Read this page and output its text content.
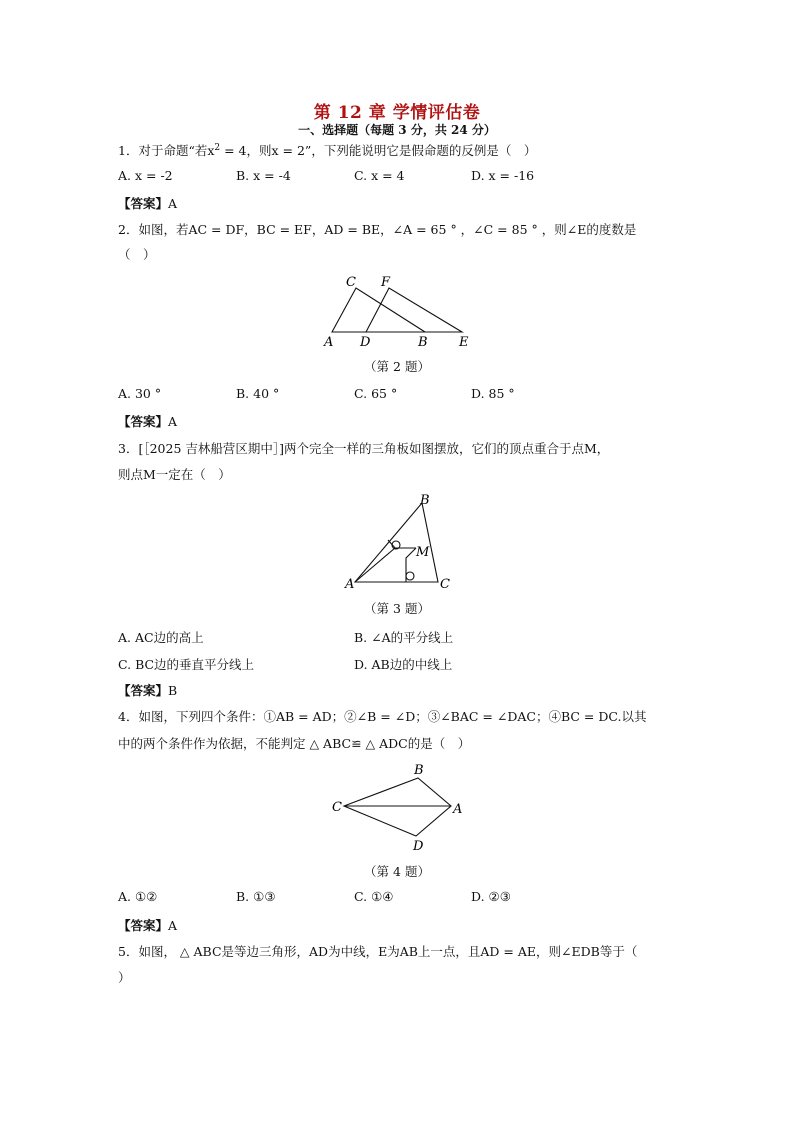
第 12 章 学情评估卷
一、选择题（每题 3 分，共 24 分）
1．对于命题“若$x^2 = 4$，则x = 2”，下列能说明它是假命题的反例是（　）
A. x = -2	B. x = -4	C. x = 4	D. x = -16
【答案】A
2．如图，若AC = DF，BC = EF，AD = BE，∠A = 65 ° ，∠C = 85 ° ，则∠E的度数是
（　）
A D	B E
C F
（第 2 题）
A. 30 °	B. 40 °	C. 65 °	D. 85 °
【答案】A
3．[［2025 吉林船营区期中］]两个完全一样的三角板如图摆放，它们的顶点重合于点M，
则点M一定在（　）
A
B
C
M
（第 3 题）
A. AC边的高上	B. ∠A的平分线上
C. BC边的垂直平分线上	D. AB边的中线上
【答案】B
4．如图，下列四个条件：①AB = AD；②∠B = ∠D；③∠BAC = ∠DAC；④BC = DC.以其
中的两个条件作为依据，不能判定 △ ABC≌ △ ADC的是（　）
B
C	A
D
（第 4 题）
A. ①②	B. ①③	C. ①④	D. ②③
【答案】A
5．如图， △ ABC是等边三角形，AD为中线，E为AB上一点，且AD = AE，则∠EDB等于（
）
